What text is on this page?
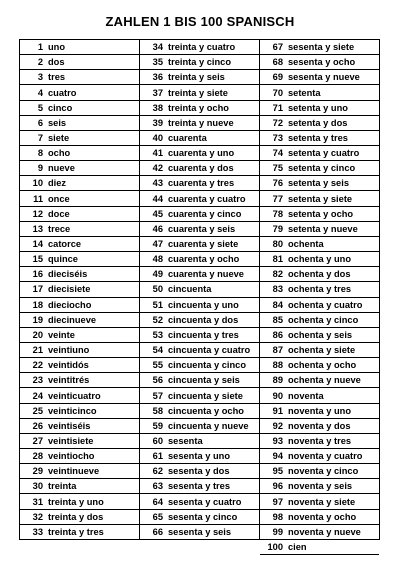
ZAHLEN 1 BIS 100 SPANISCH
1 uno
2 dos
3 tres
4 cuatro
5 cinco
6 seis
7 siete
8 ocho
9 nueve
10 diez
11 once
12 doce
13 trece
14 catorce
15 quince
16 dieciséis
17 diecisiete
18 dieciocho
19 diecinueve
20 veinte
21 veintiuno
22 veintidós
23 veintitrés
24 veinticuatro
25 veinticinco
26 veintiséis
27 veintisiete
28 veintiocho
29 veintinueve
30 treinta
31 treinta y uno
32 treinta y dos
33 treinta y tres
34 treinta y cuatro
35 treinta y cinco
36 treinta y seis
37 treinta y siete
38 treinta y ocho
39 treinta y nueve
40 cuarenta
41 cuarenta y uno
42 cuarenta y dos
43 cuarenta y tres
44 cuarenta y cuatro
45 cuarenta y cinco
46 cuarenta y seis
47 cuarenta y siete
48 cuarenta y ocho
49 cuarenta y nueve
50 cincuenta
51 cincuenta y uno
52 cincuenta y dos
53 cincuenta y tres
54 cincuenta y cuatro
55 cincuenta y cinco
56 cincuenta y seis
57 cincuenta y siete
58 cincuenta y ocho
59 cincuenta y nueve
60 sesenta
61 sesenta y uno
62 sesenta y dos
63 sesenta y tres
64 sesenta y cuatro
65 sesenta y cinco
66 sesenta y seis
67 sesenta y siete
68 sesenta y ocho
69 sesenta y nueve
70 setenta
71 setenta y uno
72 setenta y dos
73 setenta y tres
74 setenta y cuatro
75 setenta y cinco
76 setenta y seis
77 setenta y siete
78 setenta y ocho
79 setenta y nueve
80 ochenta
81 ochenta y uno
82 ochenta y dos
83 ochenta y tres
84 ochenta y cuatro
85 ochenta y cinco
86 ochenta y seis
87 ochenta y siete
88 ochenta y ocho
89 ochenta y nueve
90 noventa
91 noventa y uno
92 noventa y dos
93 noventa y tres
94 noventa y cuatro
95 noventa y cinco
96 noventa y seis
97 noventa y siete
98 noventa y ocho
99 noventa y nueve
100 cien
